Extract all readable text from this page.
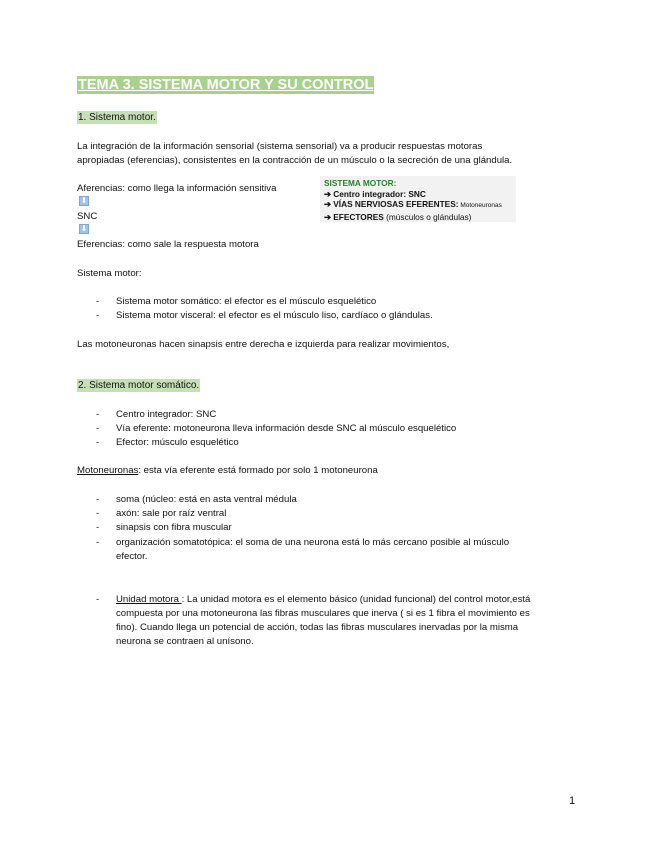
TEMA 3. SISTEMA MOTOR Y SU CONTROL
1. Sistema motor.
La integración de la información sensorial (sistema sensorial) va a producir respuestas motoras
apropiadas (eferencias), consistentes en la contracción de un músculo o la secreción de una glándula.
Aferencias: como llega la información sensitiva
⬇
SNC
⬇
Eferencias: como sale la respuesta motora
SISTEMA MOTOR:
➔ Centro integrador: SNC
➔ VÍAS NERVIOSAS EFERENTES: Motoneuronas
➔ EFECTORES (músculos o glándulas)
Sistema motor:
- Sistema motor somático: el efector es el músculo esquelético
- Sistema motor visceral: el efector es el músculo liso, cardíaco o glándulas.
Las motoneuronas hacen sinapsis entre derecha e izquierda para realizar movimientos,
2. Sistema motor somático.
- Centro integrador: SNC
- Vía eferente: motoneurona lleva información desde SNC al músculo esquelético
- Efector: músculo esquelético
Motoneuronas: esta vía eferente está formado por solo 1 motoneurona
- soma (núcleo: está en asta ventral médula
- axón: sale por raíz ventral
- sinapsis con fibra muscular
- organización somatotópica: el soma de una neurona está lo más cercano posible al músculo
efector.
- Unidad motora : La unidad motora es el elemento básico (unidad funcional) del control motor,está
compuesta por una motoneurona las fibras musculares que inerva ( si es 1 fibra el movimiento es
fino). Cuando llega un potencial de acción, todas las fibras musculares inervadas por la misma
neurona se contraen al unísono.
1
